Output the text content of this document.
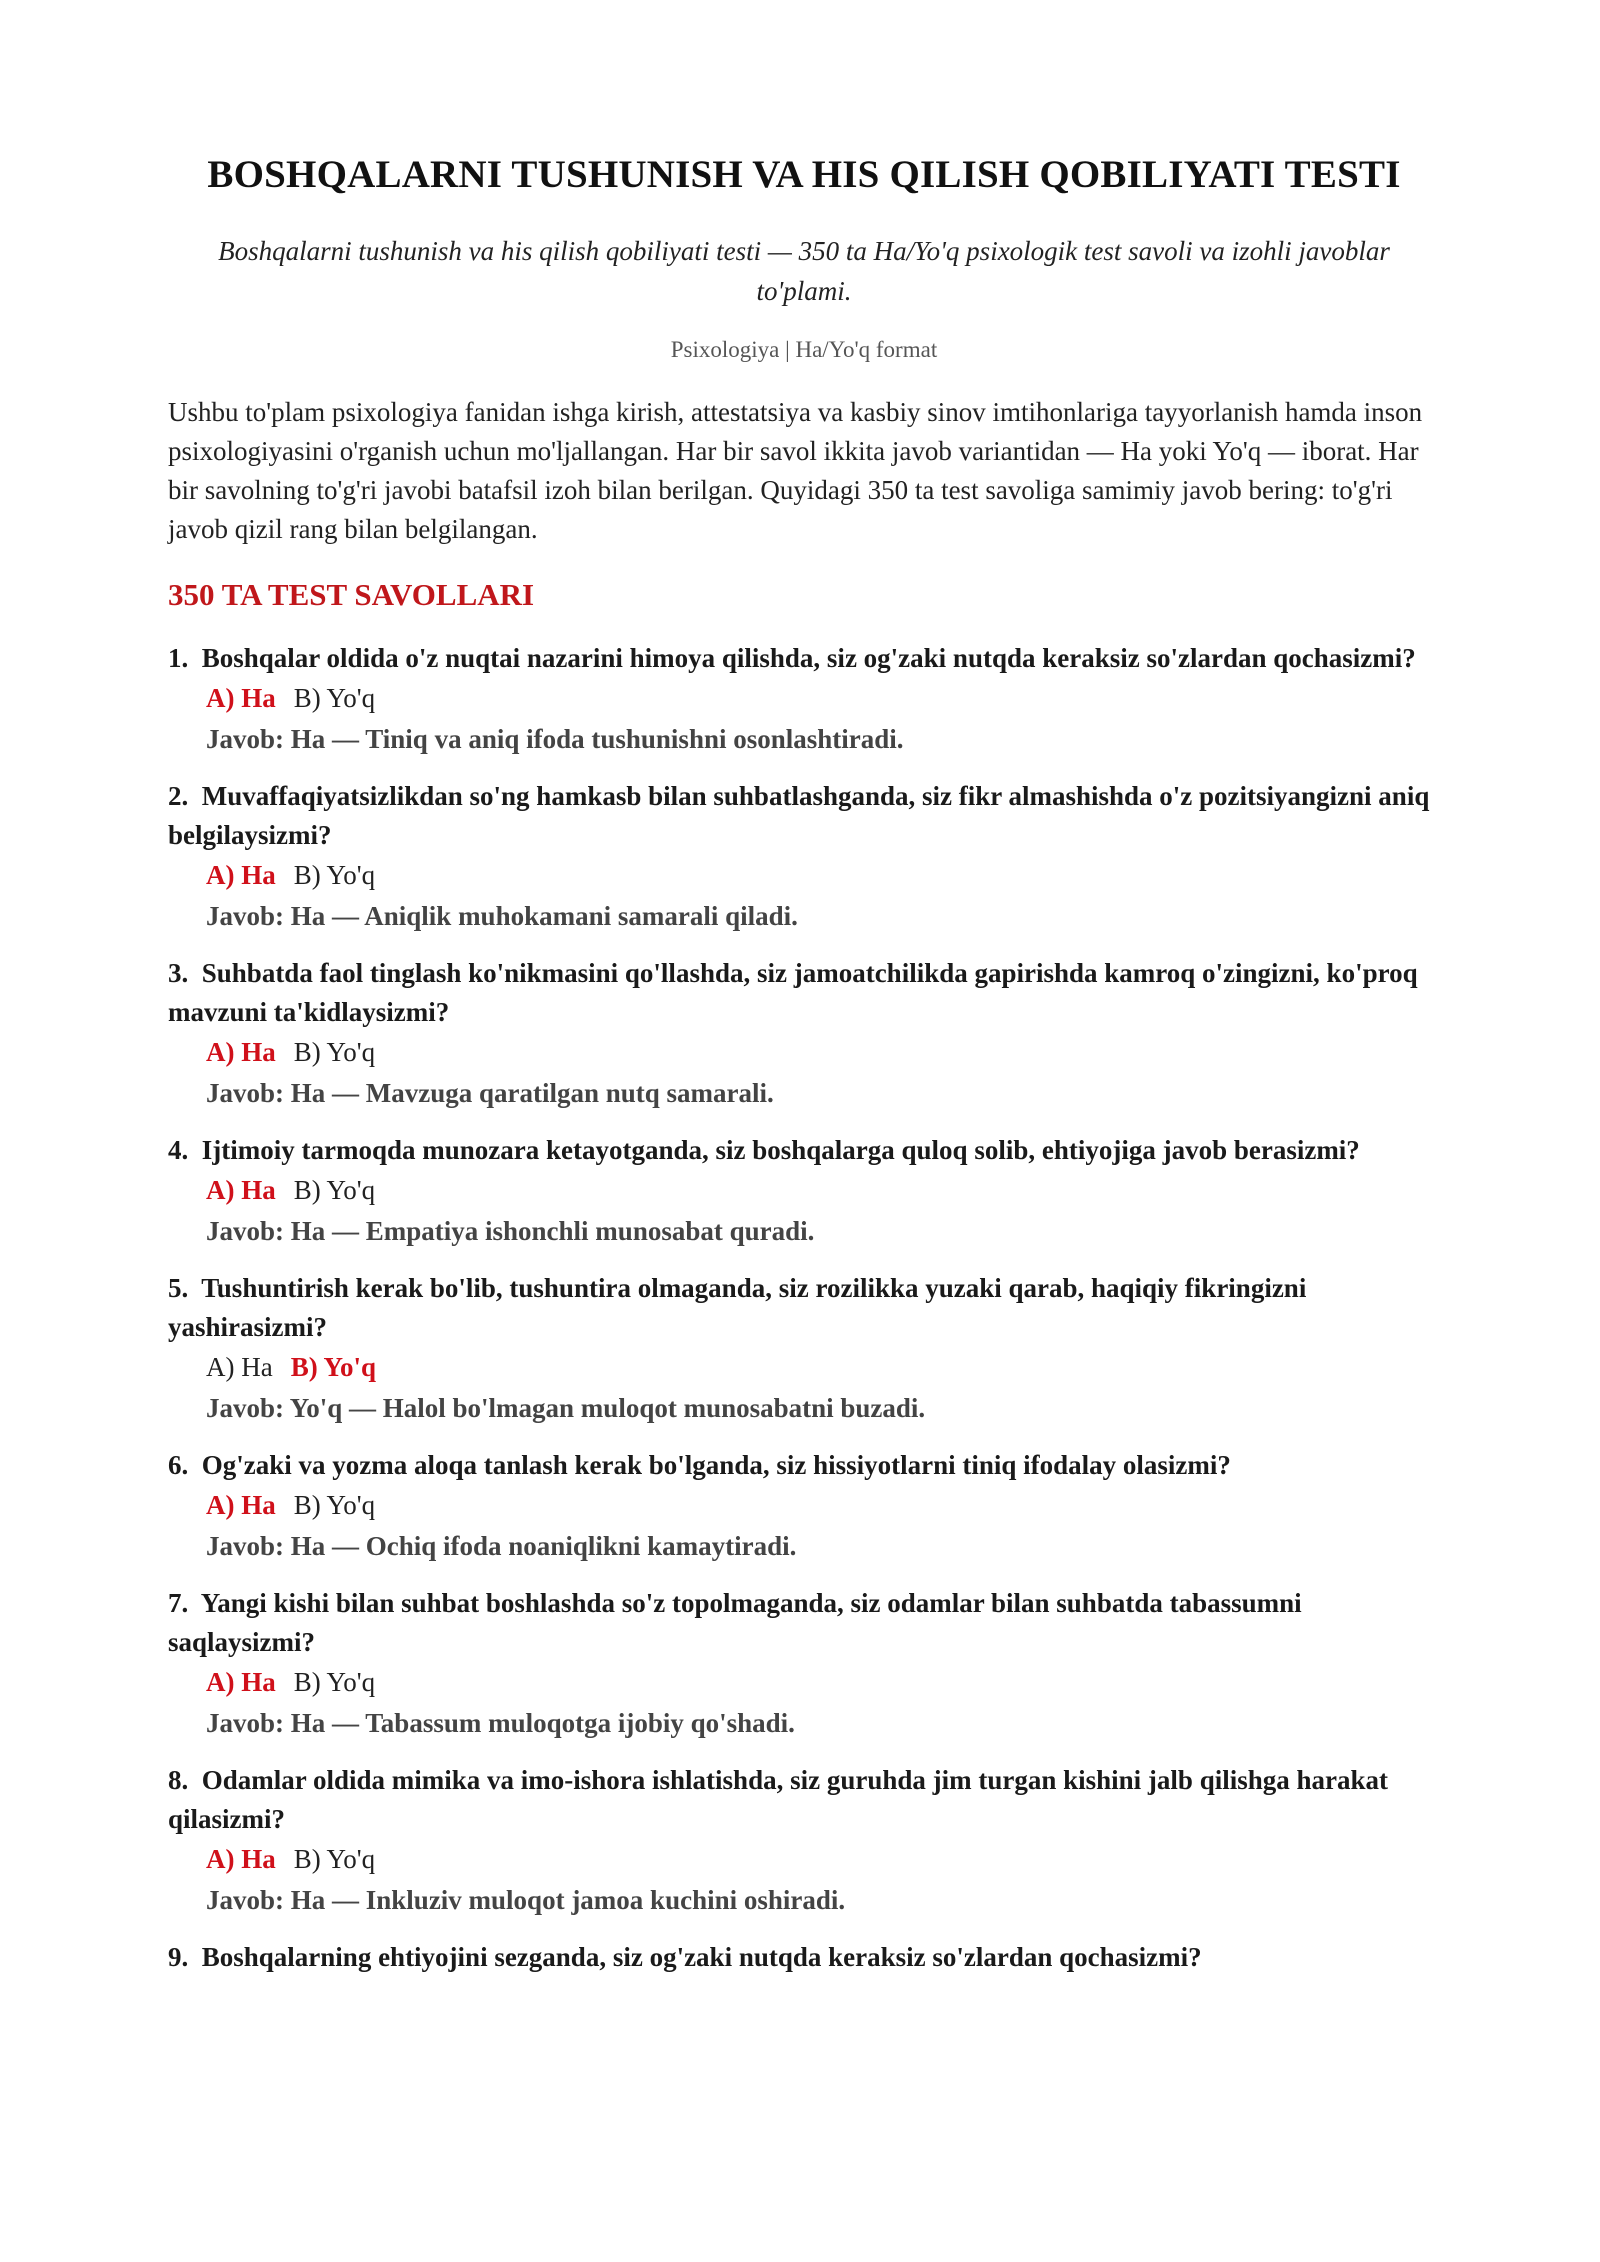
BOSHQALARNI TUSHUNISH VA HIS QILISH QOBILIYATI TESTI
Boshqalarni tushunish va his qilish qobiliyati testi — 350 ta Ha/Yo'q psixologik test savoli va izohli javoblar to'plami.
Psixologiya | Ha/Yo'q format
Ushbu to'plam psixologiya fanidan ishga kirish, attestatsiya va kasbiy sinov imtihonlariga tayyorlanish hamda inson psixologiyasini o'rganish uchun mo'ljallangan. Har bir savol ikkita javob variantidan — Ha yoki Yo'q — iborat. Har bir savolning to'g'ri javobi batafsil izoh bilan berilgan. Quyidagi 350 ta test savoliga samimiy javob bering: to'g'ri javob qizil rang bilan belgilangan.
350 TA TEST SAVOLLARI
1.  Boshqalar oldida o'z nuqtai nazarini himoya qilishda, siz og'zaki nutqda keraksiz so'zlardan qochasizmi?
A) Ha B) Yo'q
Javob: Ha — Tiniq va aniq ifoda tushunishni osonlashtiradi.
2.  Muvaffaqiyatsizlikdan so'ng hamkasb bilan suhbatlashganda, siz fikr almashishda o'z pozitsiyangizni aniq belgilaysizmi?
A) Ha B) Yo'q
Javob: Ha — Aniqlik muhokamani samarali qiladi.
3.  Suhbatda faol tinglash ko'nikmasini qo'llashda, siz jamoatchilikda gapirishda kamroq o'zingizni, ko'proq mavzuni ta'kidlaysizmi?
A) Ha B) Yo'q
Javob: Ha — Mavzuga qaratilgan nutq samarali.
4.  Ijtimoiy tarmoqda munozara ketayotganda, siz boshqalarga quloq solib, ehtiyojiga javob berasizmi?
A) Ha B) Yo'q
Javob: Ha — Empatiya ishonchli munosabat quradi.
5.  Tushuntirish kerak bo'lib, tushuntira olmaganda, siz rozilikka yuzaki qarab, haqiqiy fikringizni yashirasizmi?
A) Ha B) Yo'q
Javob: Yo'q — Halol bo'lmagan muloqot munosabatni buzadi.
6.  Og'zaki va yozma aloqa tanlash kerak bo'lganda, siz hissiyotlarni tiniq ifodalay olasizmi?
A) Ha B) Yo'q
Javob: Ha — Ochiq ifoda noaniqlikni kamaytiradi.
7.  Yangi kishi bilan suhbat boshlashda so'z topolmaganda, siz odamlar bilan suhbatda tabassumni saqlaysizmi?
A) Ha B) Yo'q
Javob: Ha — Tabassum muloqotga ijobiy qo'shadi.
8.  Odamlar oldida mimika va imo-ishora ishlatishda, siz guruhda jim turgan kishini jalb qilishga harakat qilasizmi?
A) Ha B) Yo'q
Javob: Ha — Inkluziv muloqot jamoa kuchini oshiradi.
9.  Boshqalarning ehtiyojini sezganda, siz og'zaki nutqda keraksiz so'zlardan qochasizmi?
